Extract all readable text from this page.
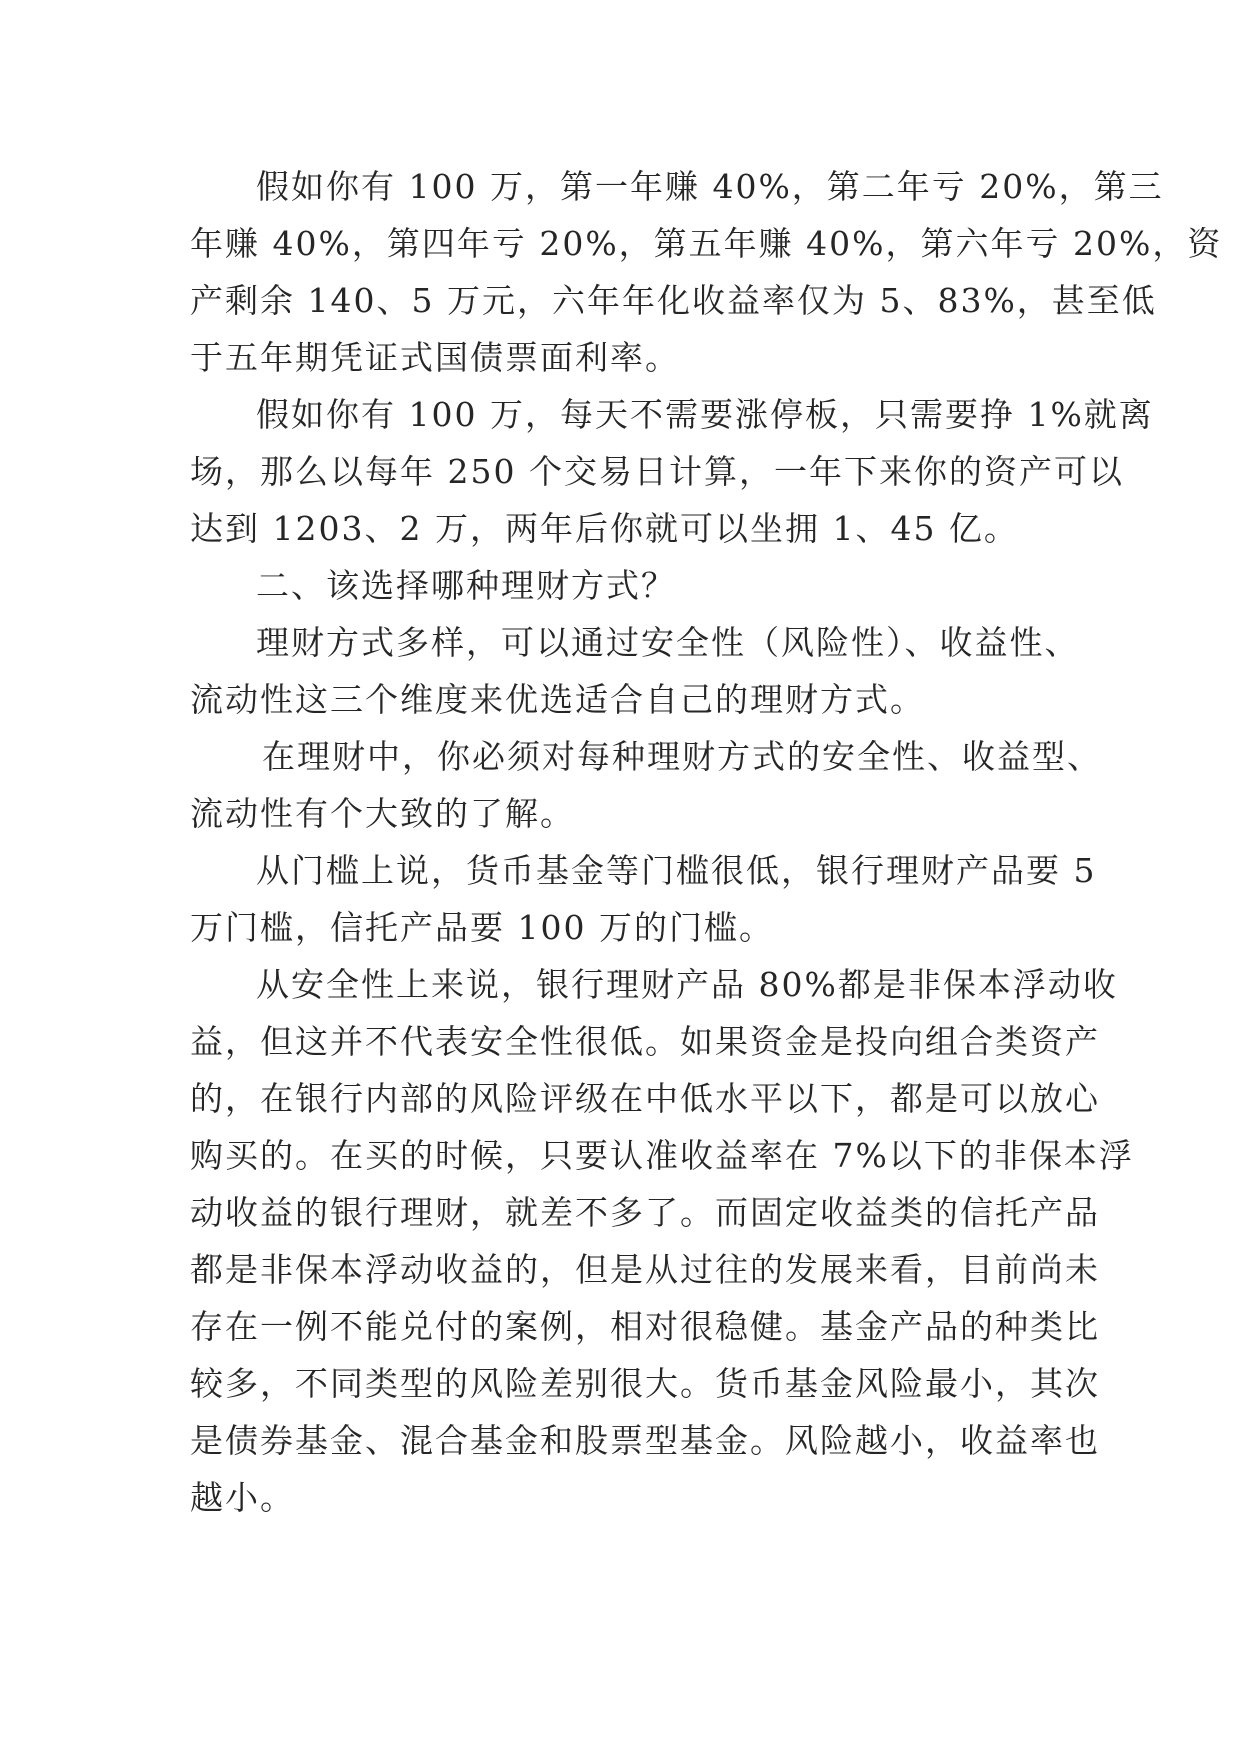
假如你有 100 万，第一年赚 40%，第二年亏 20%，第三
年赚 40%，第四年亏 20%，第五年赚 40%，第六年亏 20%，资
产剩余 140、5 万元，六年年化收益率仅为 5、83%，甚至低
于五年期凭证式国债票面利率。
假如你有 100 万，每天不需要涨停板，只需要挣 1%就离
场，那么以每年 250 个交易日计算，一年下来你的资产可以
达到 1203、2 万，两年后你就可以坐拥 1、45 亿。
二、该选择哪种理财方式？
理财方式多样，可以通过安全性（风险性）、收益性、
流动性这三个维度来优选适合自己的理财方式。
在理财中，你必须对每种理财方式的安全性、收益型、
流动性有个大致的了解。
从门槛上说，货币基金等门槛很低，银行理财产品要 5
万门槛，信托产品要 100 万的门槛。
从安全性上来说，银行理财产品 80%都是非保本浮动收
益，但这并不代表安全性很低。如果资金是投向组合类资产
的，在银行内部的风险评级在中低水平以下，都是可以放心
购买的。在买的时候，只要认准收益率在 7%以下的非保本浮
动收益的银行理财，就差不多了。而固定收益类的信托产品
都是非保本浮动收益的，但是从过往的发展来看，目前尚未
存在一例不能兑付的案例，相对很稳健。基金产品的种类比
较多，不同类型的风险差别很大。货币基金风险最小，其次
是债券基金、混合基金和股票型基金。风险越小，收益率也
越小。
